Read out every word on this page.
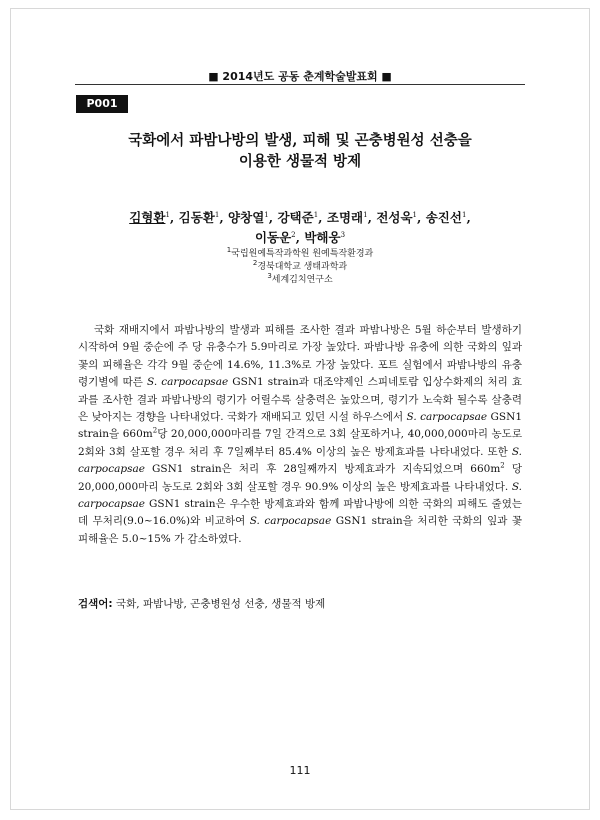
■ 2014년도 공동 춘계학술발표회 ■
P001
국화에서 파밤나방의 발생, 피해 및 곤충병원성 선충을
이용한 생물적 방제
김형환$^1$, 김동환$^1$, 양창열$^1$, 강택준$^1$, 조명래$^1$, 전성욱$^1$, 송진선$^1$,
이동운$^2$, 박해웅$^3$
$^1$국립원예특작과학원 원예특작환경과
$^2$경북대학교 생태과학과
$^3$세계김치연구소

국화 재배지에서 파밤나방의 발생과 피해를 조사한 결과 파밤나방은 5월 하순부터 발생하기 시작하여 9월 중순에 주 당 유충수가 5.9마리로 가장 높았다. 파밤나방 유충에 의한 국화의 잎과 꽃의 피해율은 각각 9월 중순에 14.6%, 11.3%로 가장 높았다. 포트 실험에서 파밤나방의 유충 령기별에 따른 S. carpocapsae GSN1 strain과 대조약제인 스피네토람 입상수화제의 처리 효과를 조사한 결과 파밤나방의 령기가 어릴수록 살충력은 높았으며, 령기가 노숙화 될수록 살충력은 낮아지는 경향을 나타내었다. 국화가 재배되고 있던 시설 하우스에서 S. carpocapsae GSN1 strain을 $660m^2$당 20,000,000마리를 7일 간격으로 3회 살포하거나, 40,000,000마리 농도로 2회와 3회 살포할 경우 처리 후 7일째부터 85.4% 이상의 높은 방제효과를 나타내었다. 또한 S. carpocapsae GSN1 strain은 처리 후 28일째까지 방제효과가 지속되었으며 $660m^2$ 당 20,000,000마리 농도로 2회와 3회 살포할 경우 90.9% 이상의 높은 방제효과를 나타내었다. S. carpocapsae GSN1 strain은 우수한 방제효과와 함께 파밤나방에 의한 국화의 피해도 줄였는데 무처리(9.0~16.0%)와 비교하여 S. carpocapsae GSN1 strain을 처리한 국화의 잎과 꽃 피해율은 5.0~15% 가 감소하였다.

검색어: 국화, 파밤나방, 곤충병원성 선충, 생물적 방제
111
